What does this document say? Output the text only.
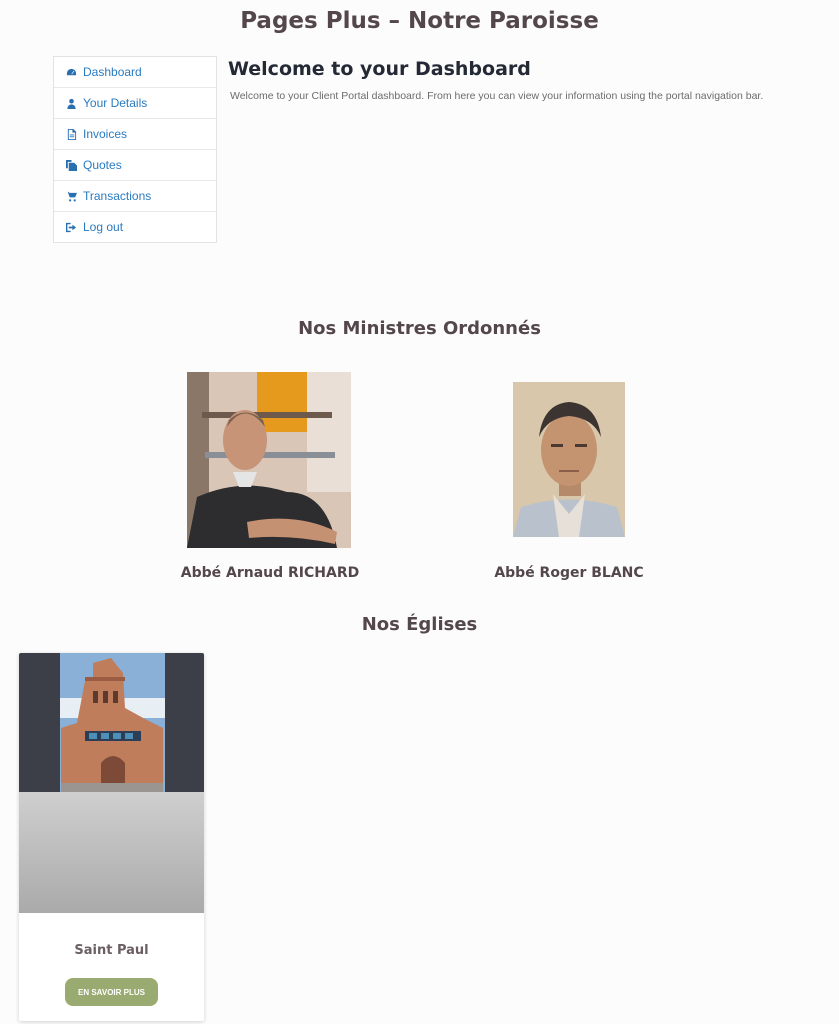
Pages Plus – Notre Paroisse
Dashboard
Your Details
Invoices
Quotes
Transactions
Log out
Welcome to your Dashboard

Welcome to your Client Portal dashboard. From here you can view your information using the portal navigation bar.

Nos Ministres Ordonnés

Abbé Arnaud RICHARD	Abbé Roger BLANC

Nos Églises

Saint Paul

EN SAVOIR PLUS
